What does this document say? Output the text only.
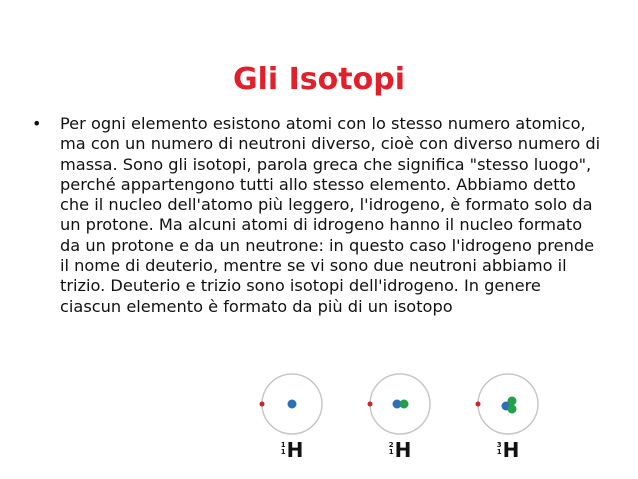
Gli Isotopi
• Per ogni elemento esistono atomi con lo stesso numero atomico, ma con un numero di neutroni diverso, cioè con diverso numero di massa. Sono gli isotopi, parola greca che significa "stesso luogo", perché appartengono tutti allo stesso elemento. Abbiamo detto che il nucleo dell'atomo più leggero, l'idrogeno, è formato solo da un protone. Ma alcuni atomi di idrogeno hanno il nucleo formato da un protone e da un neutrone: in questo caso l'idrogeno prende il nome di deuterio, mentre se vi sono due neutroni abbiamo il trizio. Deuterio e trizio sono isotopi dell'idrogeno. In genere ciascun elemento è formato da più di un isotopo
1
1H	2
1H	3
1H
